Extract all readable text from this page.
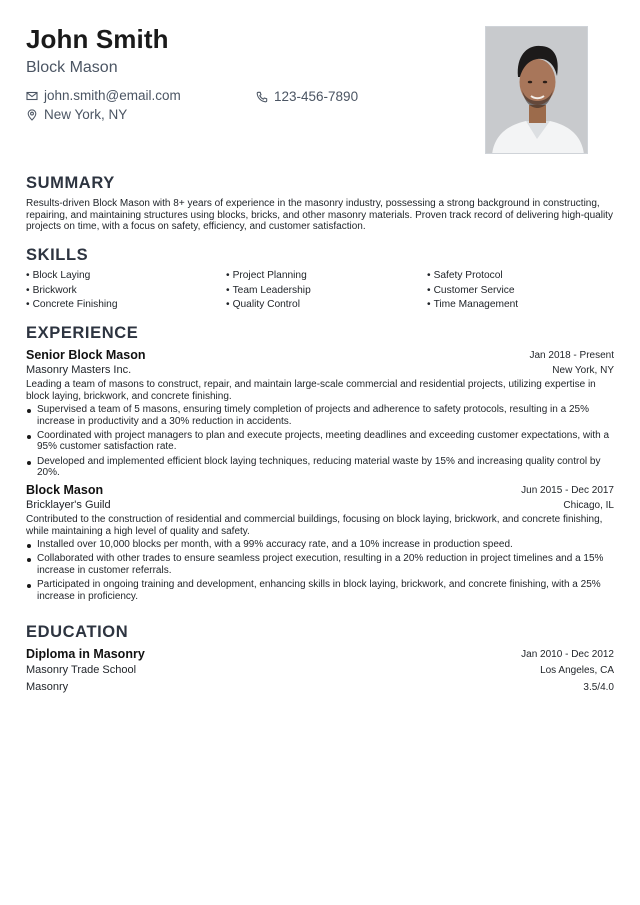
John Smith
Block Mason
john.smith@email.com	123-456-7890
New York, NY
SUMMARY
Results-driven Block Mason with 8+ years of experience in the masonry industry, possessing a strong background in constructing, repairing, and maintaining structures using blocks, bricks, and other masonry materials. Proven track record of delivering high-quality projects on time, with a focus on safety, efficiency, and customer satisfaction.
SKILLS
• Block Laying	• Project Planning	• Safety Protocol
• Brickwork	• Team Leadership	• Customer Service
• Concrete Finishing	• Quality Control	• Time Management
EXPERIENCE
Senior Block Mason	Jan 2018 - Present
Masonry Masters Inc.	New York, NY
Leading a team of masons to construct, repair, and maintain large-scale commercial and residential projects, utilizing expertise in block laying, brickwork, and concrete finishing.
Supervised a team of 5 masons, ensuring timely completion of projects and adherence to safety protocols, resulting in a 25% increase in productivity and a 30% reduction in accidents.
Coordinated with project managers to plan and execute projects, meeting deadlines and exceeding customer expectations, with a 95% customer satisfaction rate.
Developed and implemented efficient block laying techniques, reducing material waste by 15% and increasing quality control by 20%.
Block Mason	Jun 2015 - Dec 2017
Bricklayer's Guild	Chicago, IL
Contributed to the construction of residential and commercial buildings, focusing on block laying, brickwork, and concrete finishing, while maintaining a high level of quality and safety.
Installed over 10,000 blocks per month, with a 99% accuracy rate, and a 10% increase in production speed.
Collaborated with other trades to ensure seamless project execution, resulting in a 20% reduction in project timelines and a 15% increase in customer referrals.
Participated in ongoing training and development, enhancing skills in block laying, brickwork, and concrete finishing, with a 25% increase in proficiency.
EDUCATION
Diploma in Masonry	Jan 2010 - Dec 2012
Masonry Trade School	Los Angeles, CA
Masonry	3.5/4.0
